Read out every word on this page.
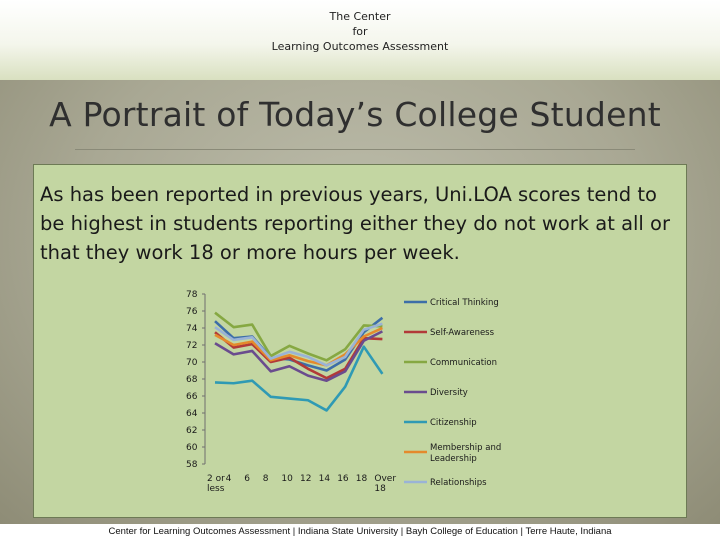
The Center
for
Learning Outcomes Assessment
A Portrait of Today’s College Student
As has been reported in previous years, Uni.LOA scores tend to be highest in students reporting either they do not work at all or that they work 18 or more hours per week.
78
76
74
72
70
68
66
64
62
60
58
2 or
less
4 6 8 10 12 14 16 18 Over
18
Critical Thinking
Self-Awareness
Communication
Diversity
Citizenship
Membership and
Leadership
Relationships
Center for Learning Outcomes Assessment | Indiana State University | Bayh College of Education | Terre Haute, Indiana
